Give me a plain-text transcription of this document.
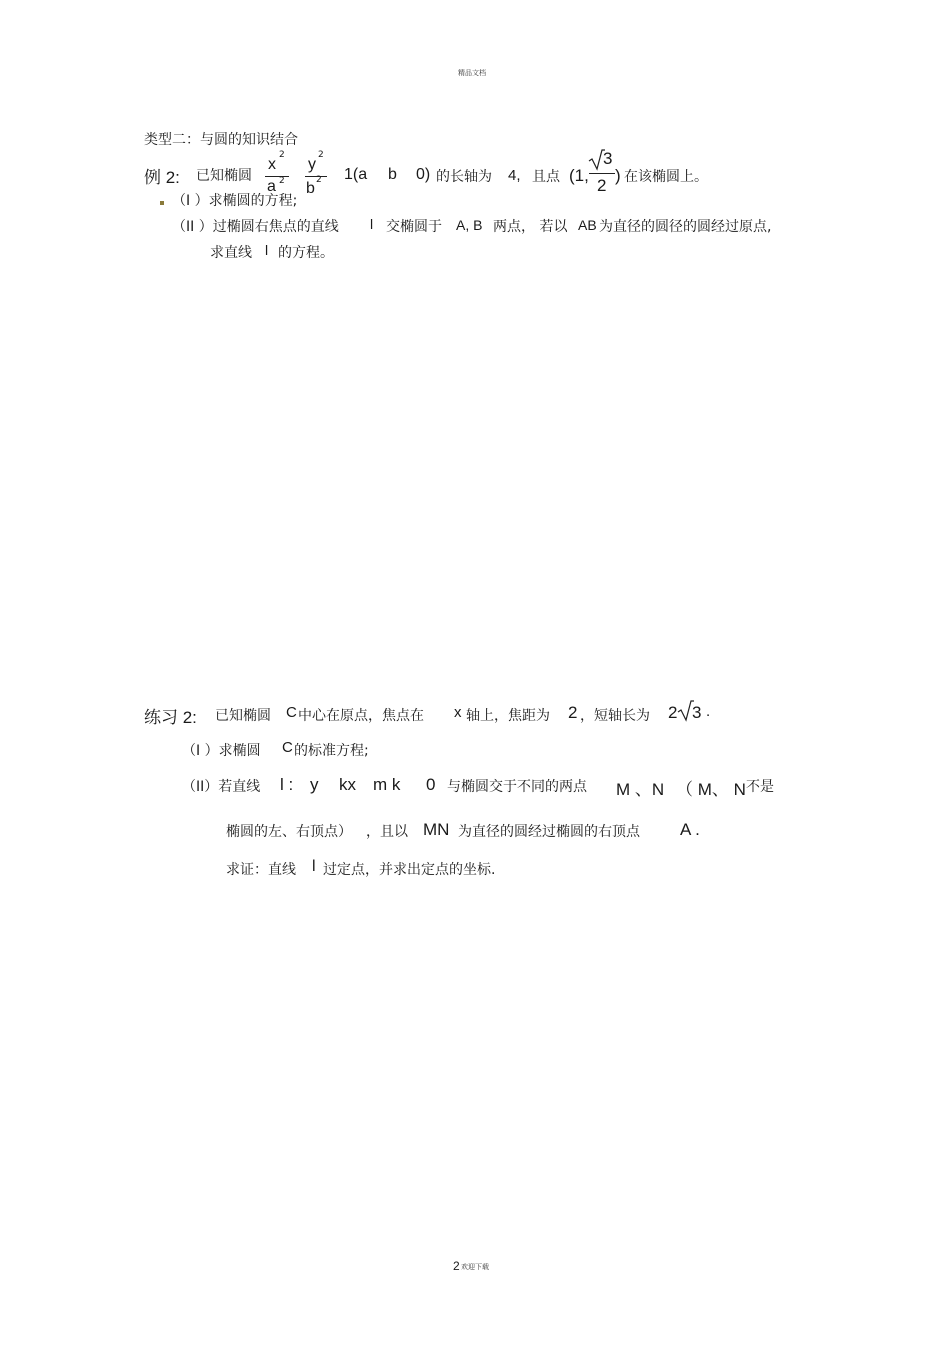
精品文档
类型二：与圆的知识结合
例 2: 已知椭圆
x
2
a 2
y
2
b 2 1(a b 0) 的长轴为 4, 且点 (1,
3
2
) 在该椭圆上。
（I ）求椭圆的方程;
（II ）过椭圆右焦点的直线 l 交椭圆于 A, B 两点， 若以 AB 为直径的圆径的圆经过原点,
求直线 l 的方程。
练习 2: 已知椭圆 C 中心在原点，焦点在 x 轴上，焦距为 2 ，短轴长为 2 3 .
（I ）求椭圆 C 的标准方程;
（II）若直线 l : y kx m k 0 与椭圆交于不同的两点 M 、N （ M、 N 不是
椭圆的左、右顶点） ，且以 MN 为直径的圆经过椭圆的右顶点 A .
求证：直线 l 过定点，并求出定点的坐标.
2 欢迎下载
